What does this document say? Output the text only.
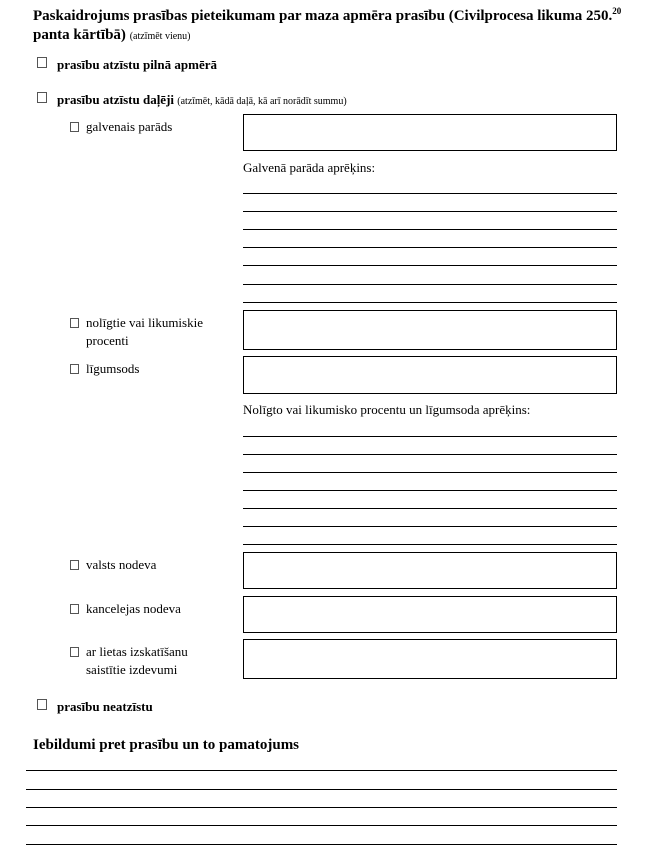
Paskaidrojums prasības pieteikumam par maza apmēra prasību (Civilprocesa likuma 250.20 panta kārtībā) (atzīmēt vienu)
prasību atzīstu pilnā apmērā
prasību atzīstu daļēji (atzīmēt, kādā daļā, kā arī norādīt summu)
galvenais parāds
Galvenā parāda aprēķins:
nolīgtie vai likumiskie
procenti
līgumsods
Nolīgto vai likumisko procentu un līgumsoda aprēķins:
valsts nodeva
kancelejas nodeva
ar lietas izskatīšanu
saistītie izdevumi
prasību neatzīstu
Iebildumi pret prasību un to pamatojums
